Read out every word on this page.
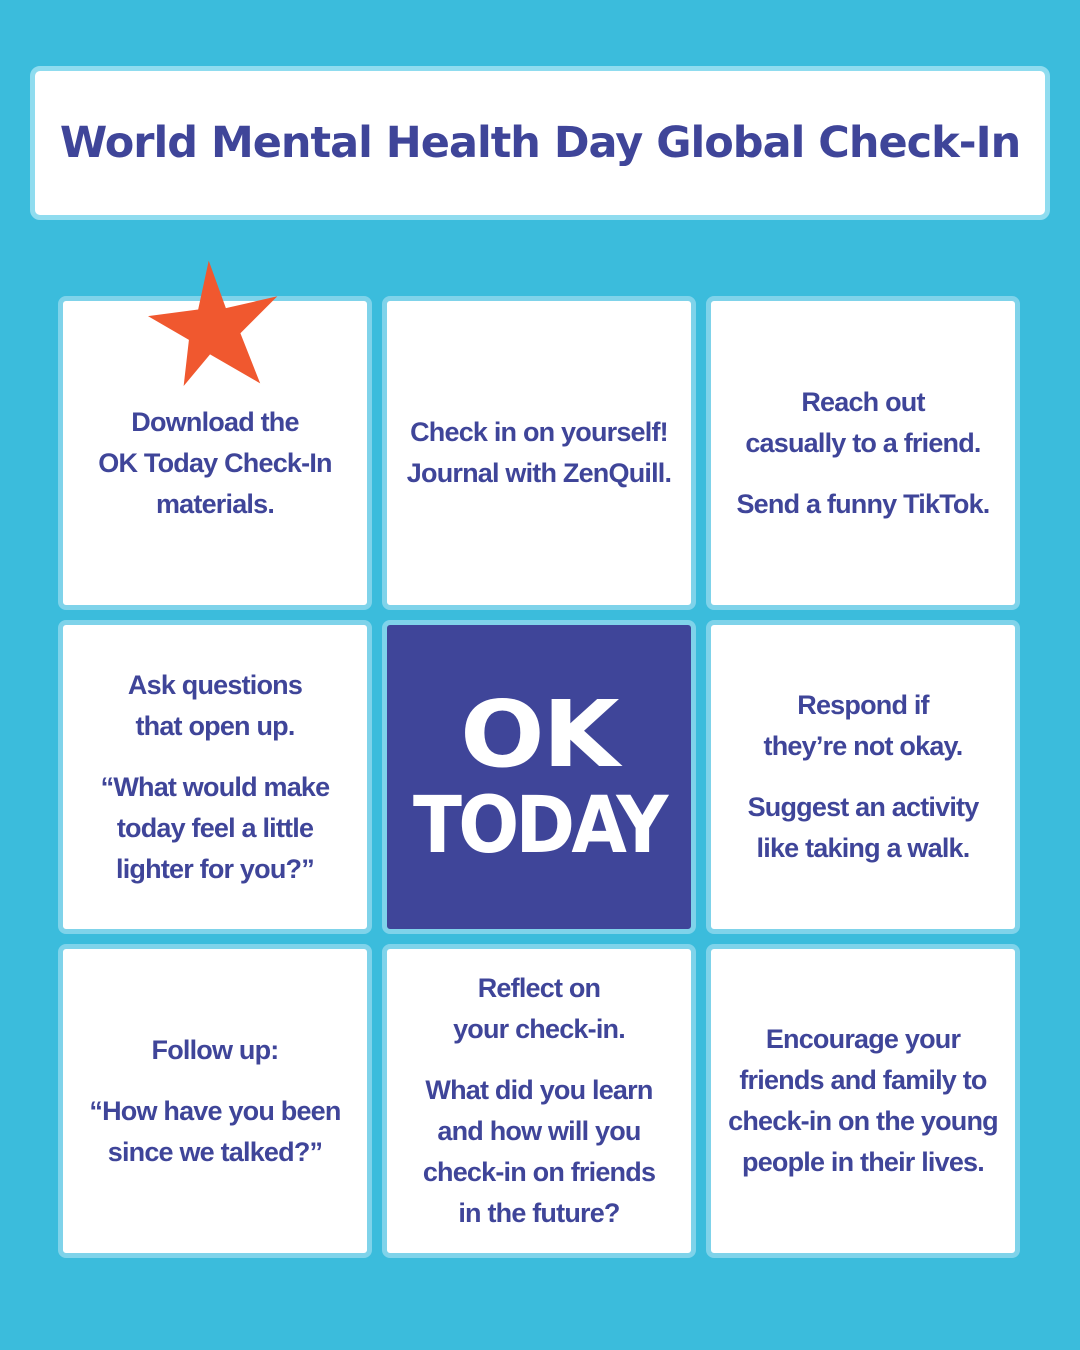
World Mental Health Day Global Check-In

Download the
OK Today Check-In
materials.

Check in on yourself!
Journal with ZenQuill.

Reach out
casually to a friend.

Send a funny TikTok.

Ask questions
that open up.

“What would make
today feel a little
lighter for you?”

OK
TODAY

Respond if
they’re not okay.

Suggest an activity
like taking a walk.

Follow up:

“How have you been
since we talked?”

Reflect on
your check-in.

What did you learn
and how will you
check-in on friends
in the future?

Encourage your
friends and family to
check-in on the young
people in their lives.
